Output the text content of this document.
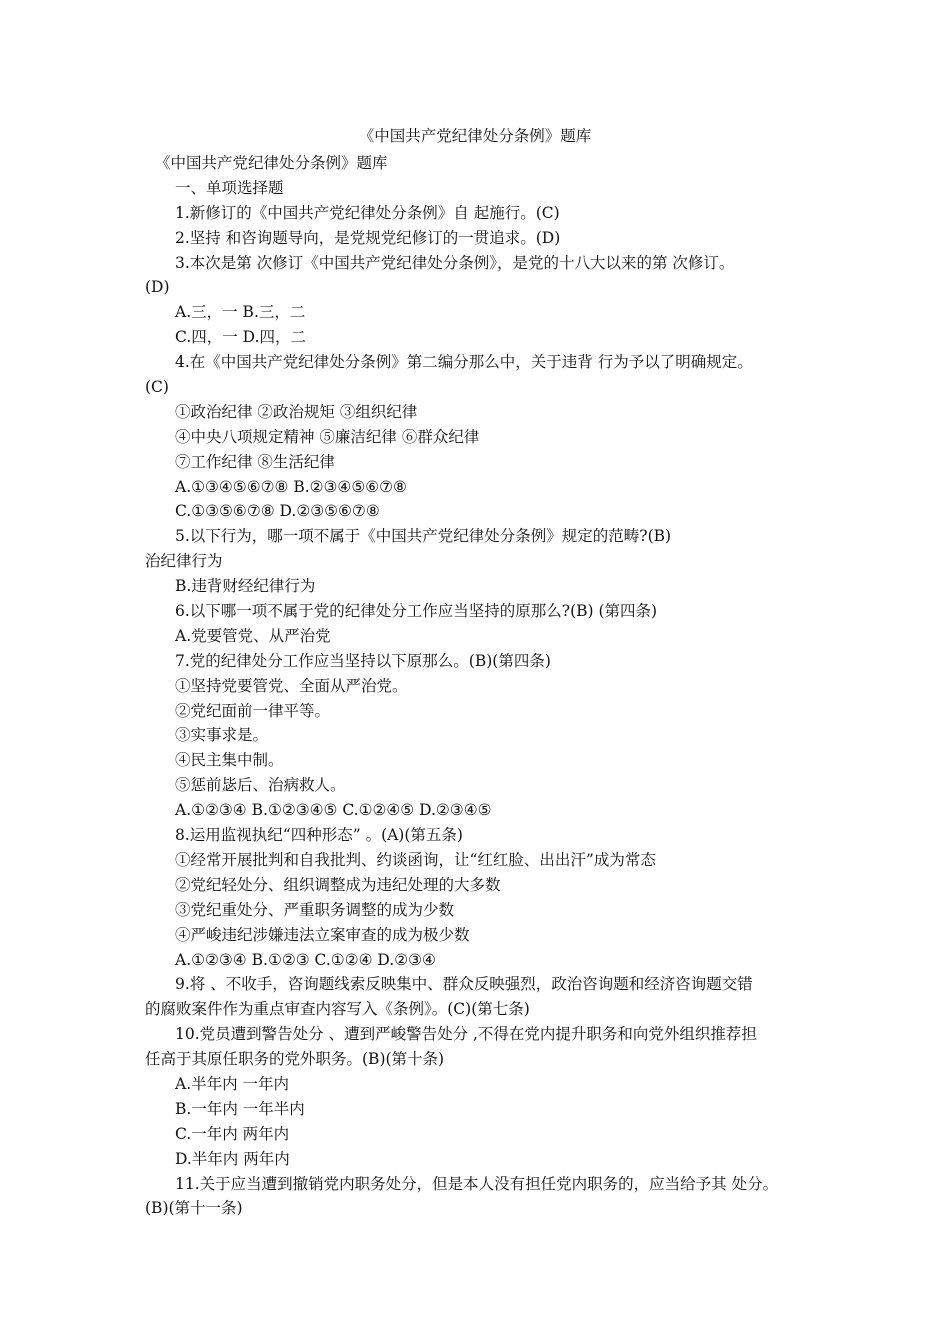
《中国共产党纪律处分条例》题库
《中国共产党纪律处分条例》题库
一、单项选择题
1.新修订的《中国共产党纪律处分条例》自 起施行。(C)
2.坚持 和咨询题导向，是党规党纪修订的一贯追求。(D)
3.本次是第 次修订《中国共产党纪律处分条例》，是党的十八大以来的第 次修订。
(D)
A.三，一 B.三，二
C.四，一 D.四，二
4.在《中国共产党纪律处分条例》第二编分那么中，关于违背 行为予以了明确规定。
(C)
①政治纪律 ②政治规矩 ③组织纪律
④中央八项规定精神 ⑤廉洁纪律 ⑥群众纪律
⑦工作纪律 ⑧生活纪律
A.①③④⑤⑥⑦⑧ B.②③④⑤⑥⑦⑧
C.①③⑤⑥⑦⑧ D.②③⑤⑥⑦⑧
5.以下行为，哪一项不属于《中国共产党纪律处分条例》规定的范畴?(B)
治纪律行为
B.违背财经纪律行为
6.以下哪一项不属于党的纪律处分工作应当坚持的原那么?(B) (第四条)
A.党要管党、从严治党
7.党的纪律处分工作应当坚持以下原那么。(B)(第四条)
①坚持党要管党、全面从严治党。
②党纪面前一律平等。
③实事求是。
④民主集中制。
⑤惩前毖后、治病救人。
A.①②③④ B.①②③④⑤ C.①②④⑤ D.②③④⑤
8.运用监视执纪“四种形态” 。(A)(第五条)
①经常开展批判和自我批判、约谈函询，让“红红脸、出出汗”成为常态
②党纪轻处分、组织调整成为违纪处理的大多数
③党纪重处分、严重职务调整的成为少数
④严峻违纪涉嫌违法立案审查的成为极少数
A.①②③④ B.①②③ C.①②④ D.②③④
9.将 、不收手，咨询题线索反映集中、群众反映强烈，政治咨询题和经济咨询题交错
的腐败案件作为重点审查内容写入《条例》。(C)(第七条)
10.党员遭到警告处分 、遭到严峻警告处分 ,不得在党内提升职务和向党外组织推荐担
任高于其原任职务的党外职务。(B)(第十条)
A.半年内 一年内
B.一年内 一年半内
C.一年内 两年内
D.半年内 两年内
11.关于应当遭到撤销党内职务处分，但是本人没有担任党内职务的，应当给予其 处分。
(B)(第十一条)
